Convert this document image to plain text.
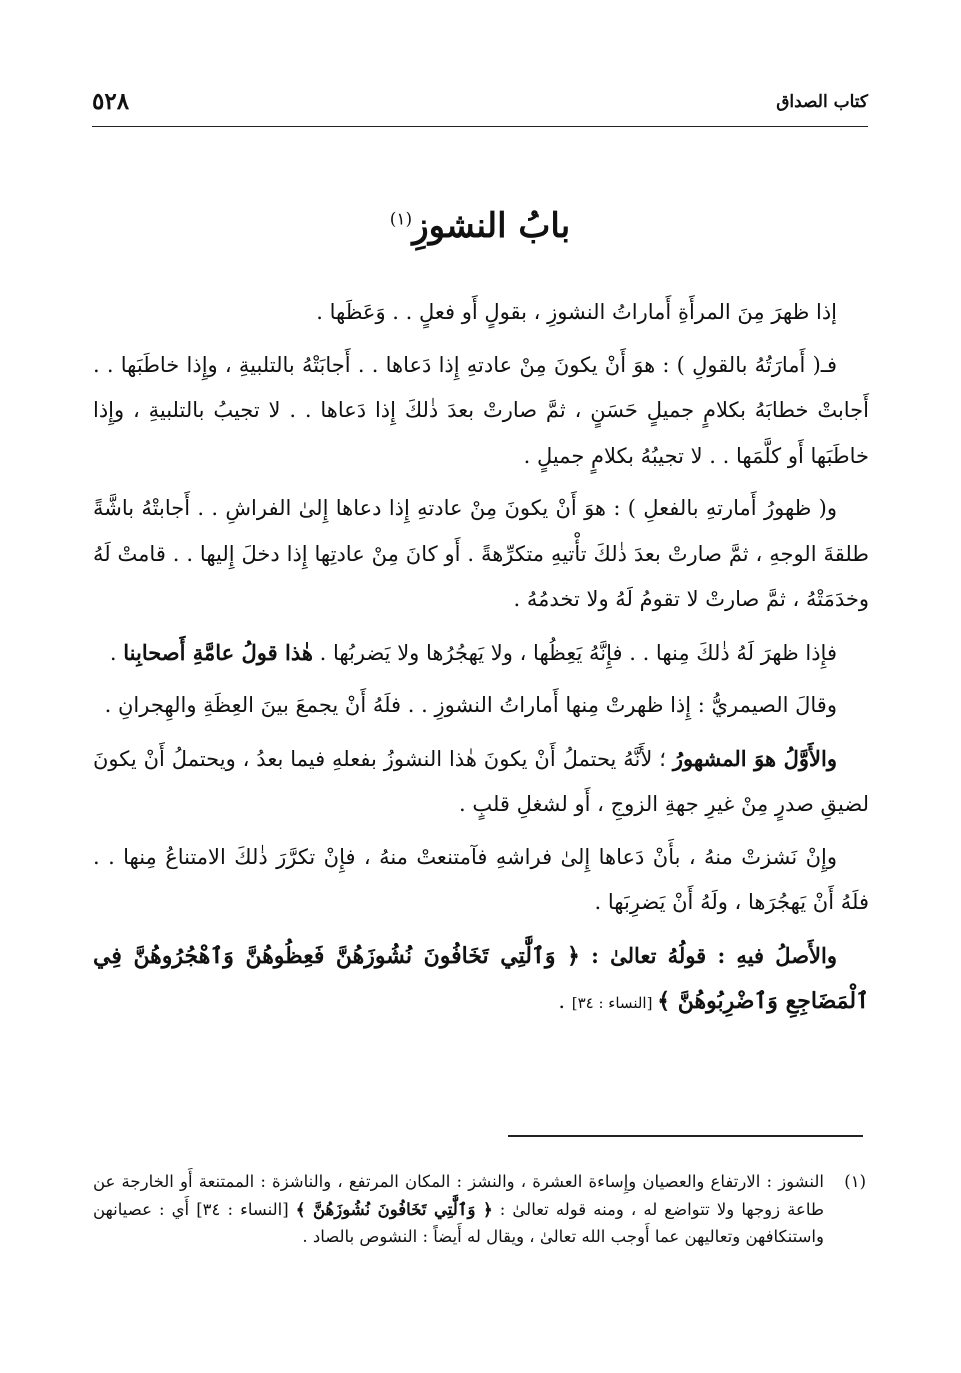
كتاب الصداق
٥٢٨
بابُ النشوزِ$^{(١)}$

إذا ظهرَ مِنَ المرأَةِ أَماراتُ النشوزِ ، بقولٍ أَو فعلٍ . . وَعَظَها .

فـ( أَمارَتُهُ بالقولِ ) : هوَ أَنْ يكونَ مِنْ عادتهِ إِذا دَعاها . . أَجابَتْهُ بالتلبيةِ ، وإِذا خاطَبَها . . أَجابتْ خطابَهُ بكلامٍ جميلٍ حَسَنٍ ، ثمَّ صارتْ بعدَ ذٰلكَ إِذا دَعاها . . لا تجيبُ بالتلبيةِ ، وإِذا خاطَبَها أَو كلَّمَها . . لا تجيبُهُ بكلامٍ جميلٍ .

و( ظهورُ أَمارتهِ بالفعلِ ) : هوَ أَنْ يكونَ مِنْ عادتهِ إِذا دعاها إِلىٰ الفراشِ . . أَجابتْهُ باشَّةً طلقةَ الوجهِ ، ثمَّ صارتْ بعدَ ذٰلكَ تأْتيهِ متكرِّهةً . أَو كانَ مِنْ عادتِها إِذا دخلَ إِليها . . قامتْ لَهُ وخدَمَتْهُ ، ثمَّ صارتْ لا تقومُ لَهُ ولا تخدمُهُ .

فإِذا ظهرَ لَهُ ذٰلكَ مِنها . . فإِنَّهُ يَعِظُها ، ولا يَهجُرُها ولا يَضربُها . هٰذا قولُ عامَّةِ أَصحابِنا .

وقالَ الصيمريُّ : إِذا ظهرتْ مِنها أَماراتُ النشوزِ . . فلَهُ أَنْ يجمعَ بينَ العِظَةِ والهِجرانِ .

والأَوَّلُ هوَ المشهورُ ؛ لأَنَّهُ يحتملُ أَنْ يكونَ هٰذا النشوزُ بفعلهِ فيما بعدُ ، ويحتملُ أَنْ يكونَ لضيقِ صدرٍ مِنْ غيرِ جهةِ الزوجِ ، أَو لشغلِ قلبٍ .

وإِنْ نَشزتْ منهُ ، بأَنْ دَعاها إِلىٰ فراشهِ فآمتنعتْ منهُ ، فإِنْ تكرَّرَ ذٰلكَ الامتناعُ مِنها . . فلَهُ أَنْ يَهجُرَها ، ولَهُ أَنْ يَضرِبَها .

والأَصلُ فيهِ : قولُهُ تعالىٰ : ﴿ وَٱلَّٰتِي تَخَافُونَ نُشُوزَهُنَّ فَعِظُوهُنَّ وَٱهْجُرُوهُنَّ فِي ٱلْمَضَاجِعِ وَٱضْرِبُوهُنَّ ﴾ [النساء : ٣٤] .

(١)
النشوز : الارتفاع والعصيان وإِساءة العشرة ، والنشز : المكان المرتفع ، والناشزة : الممتنعة أَو الخارجة عن طاعة زوجها ولا تتواضع له ، ومنه قوله تعالىٰ : ﴿ وَٱلَّٰتِي تَخَافُونَ نُشُوزَهُنَّ ﴾ [النساء : ٣٤] أَي : عصيانهن واستنكافهن وتعاليهن عما أَوجب الله تعالىٰ ، ويقال له أَيضاً : النشوص بالصاد .
